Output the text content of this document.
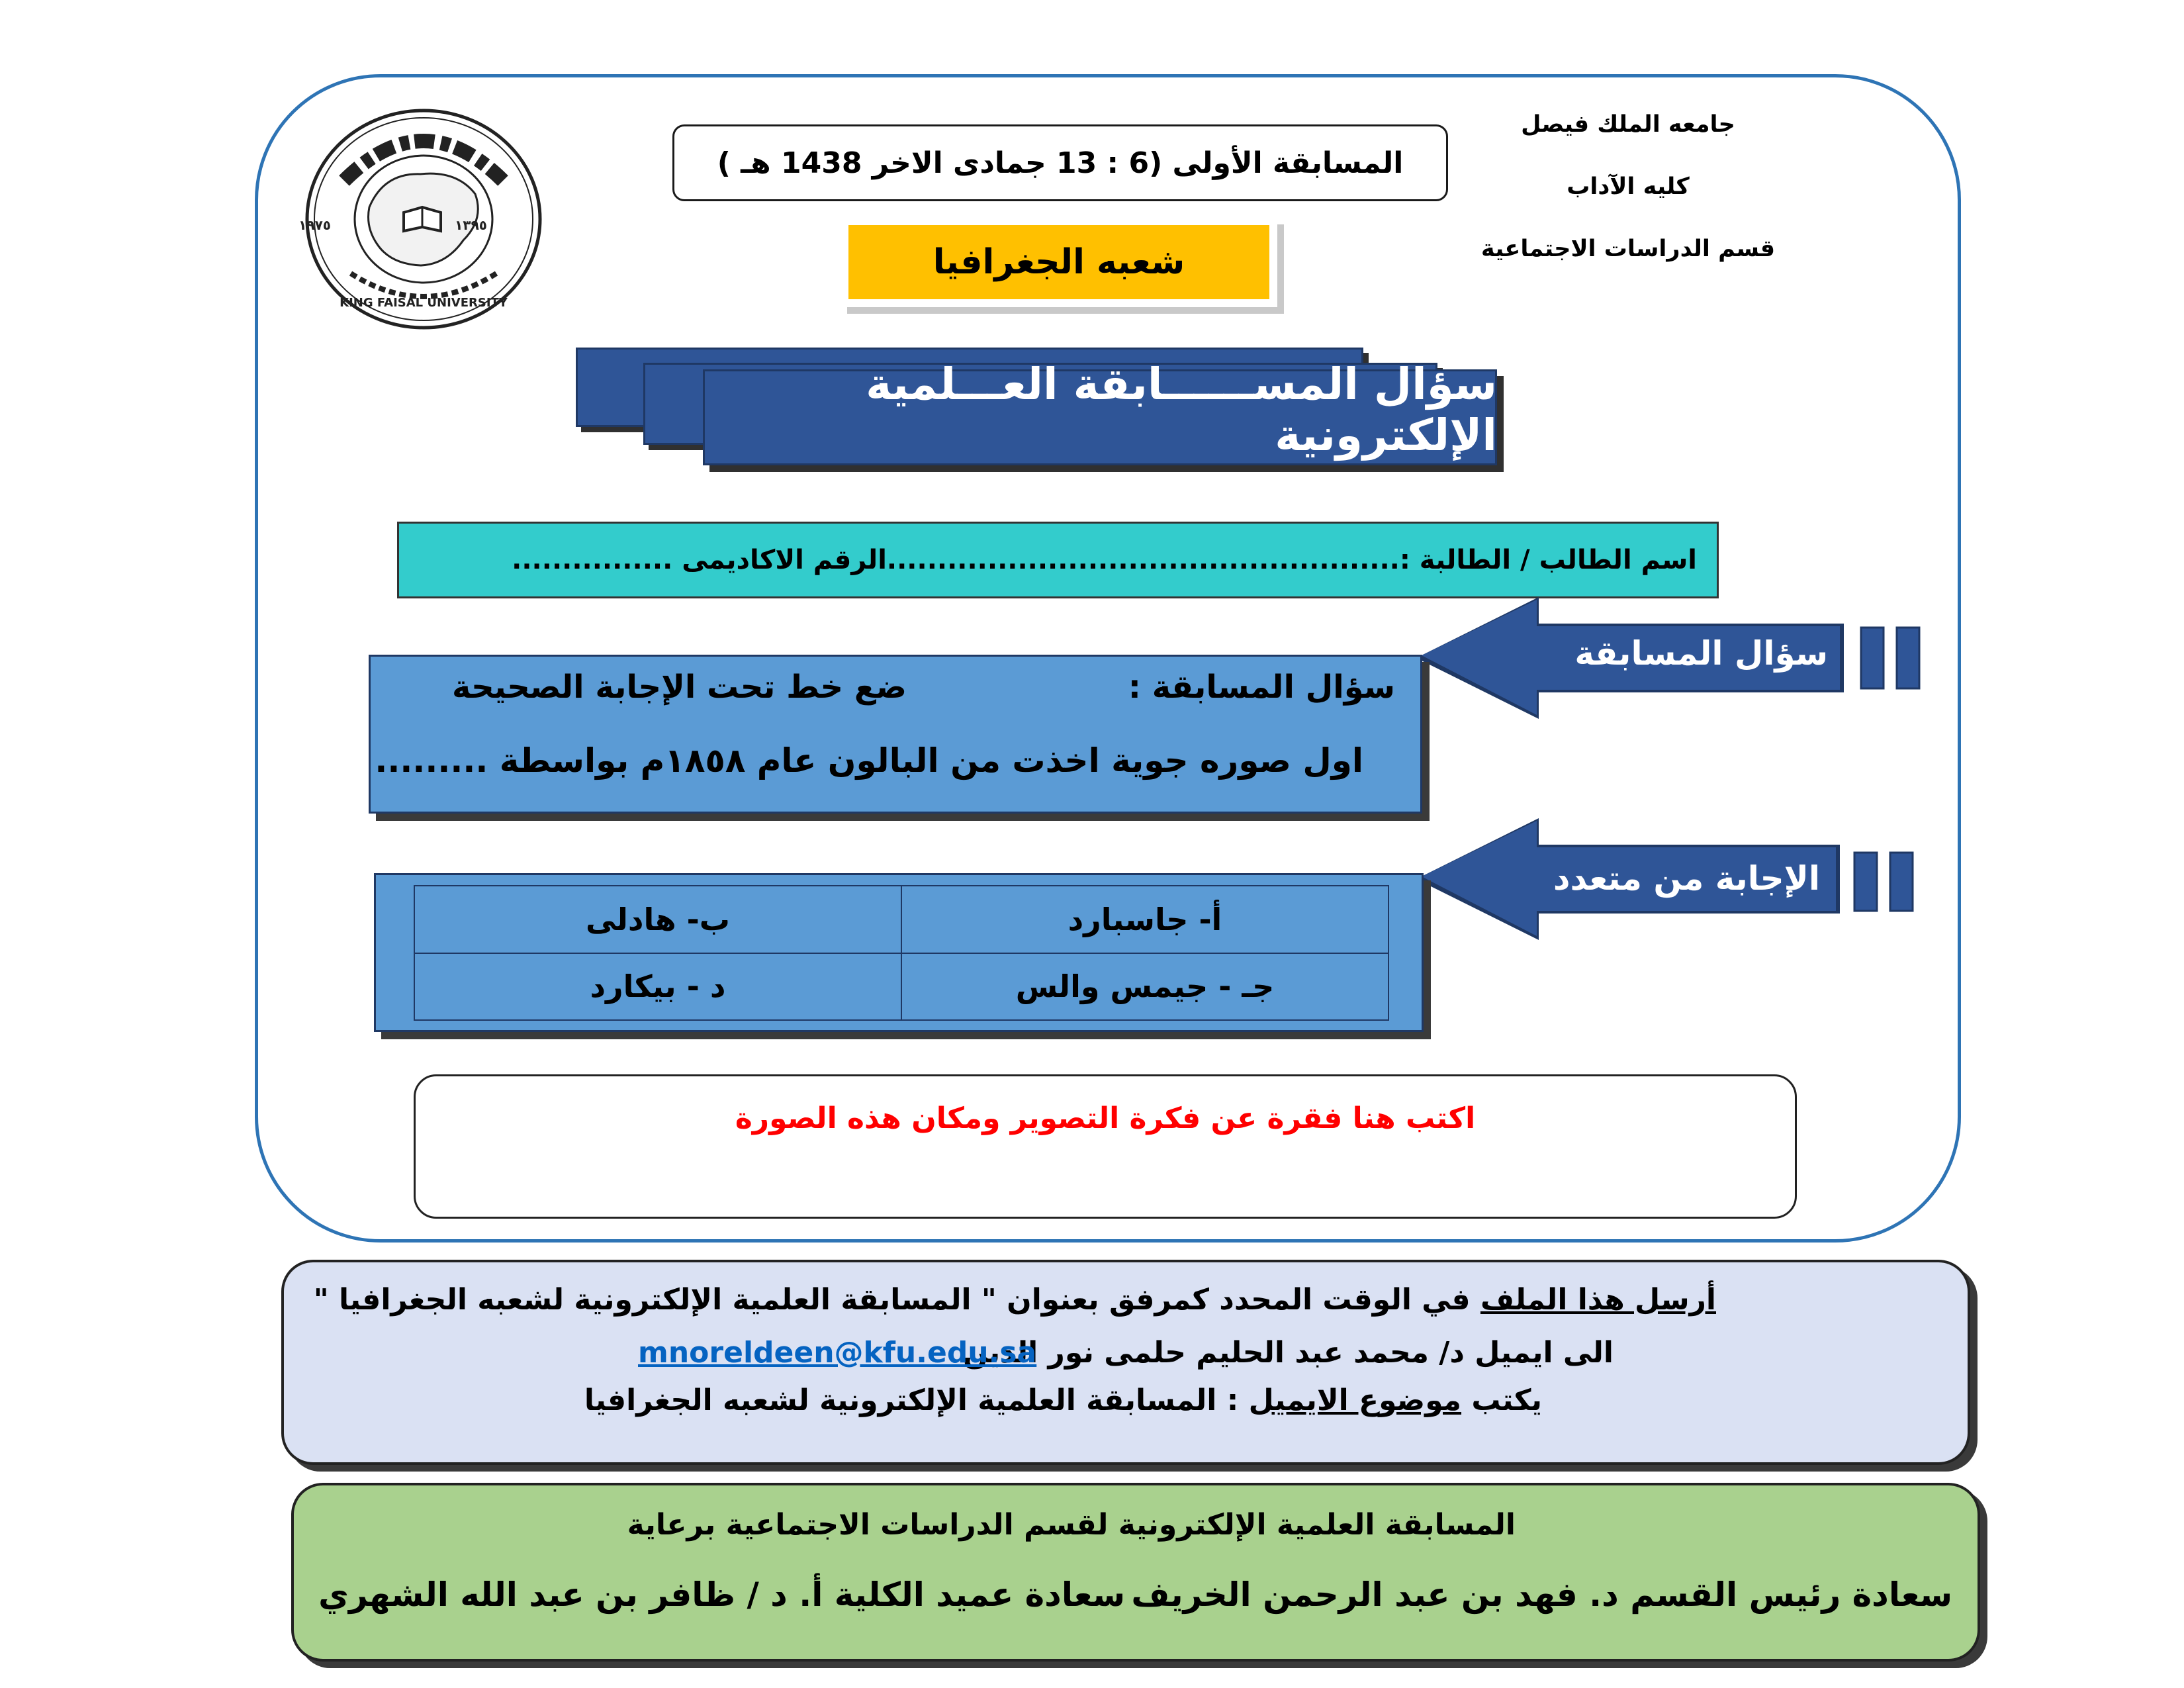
جامعه الملك فيصل
كليه الآداب
قسم الدراسات الاجتماعية
١٩٧٥	١٣٩٥
KING FAISAL UNIVERSITY
المسابقة الأولى (6 : 13 جمادى الاخر 1438 هـ )
شعبه الجغرافيا
سؤال المســــــابقة العـــلمية الإلكترونية
اسم الطالب / الطالبة :...................................................الرقم الاكاديمى ................
سؤال المسابقة
سؤال المسابقة :
ضع خط تحت الإجابة الصحيحة
اول صوره جوية اخذت من البالون عام ١٨٥٨م بواسطة .........
الإجابة من متعدد
أ- جاسبارد	ب- هادلى
جـ - جيمس والس	د - بيكارد
اكتب هنا فقرة عن فكرة التصوير ومكان هذه الصورة
أرسل هذا الملف في الوقت المحدد كمرفق بعنوان " المسابقة العلمية الإلكترونية لشعبه الجغرافيا "
الى ايميل د/ محمد عبد الحليم حلمى نور الدين
mnoreldeen@kfu.edu.sa
يكتب موضوع الايميل : المسابقة العلمية الإلكترونية لشعبه الجغرافيا
المسابقة العلمية الإلكترونية لقسم الدراسات الاجتماعية برعاية
سعادة رئيس القسم د. فهد بن عبد الرحمن الخريف
سعادة عميد الكلية أ. د / ظافر بن عبد الله الشهري
